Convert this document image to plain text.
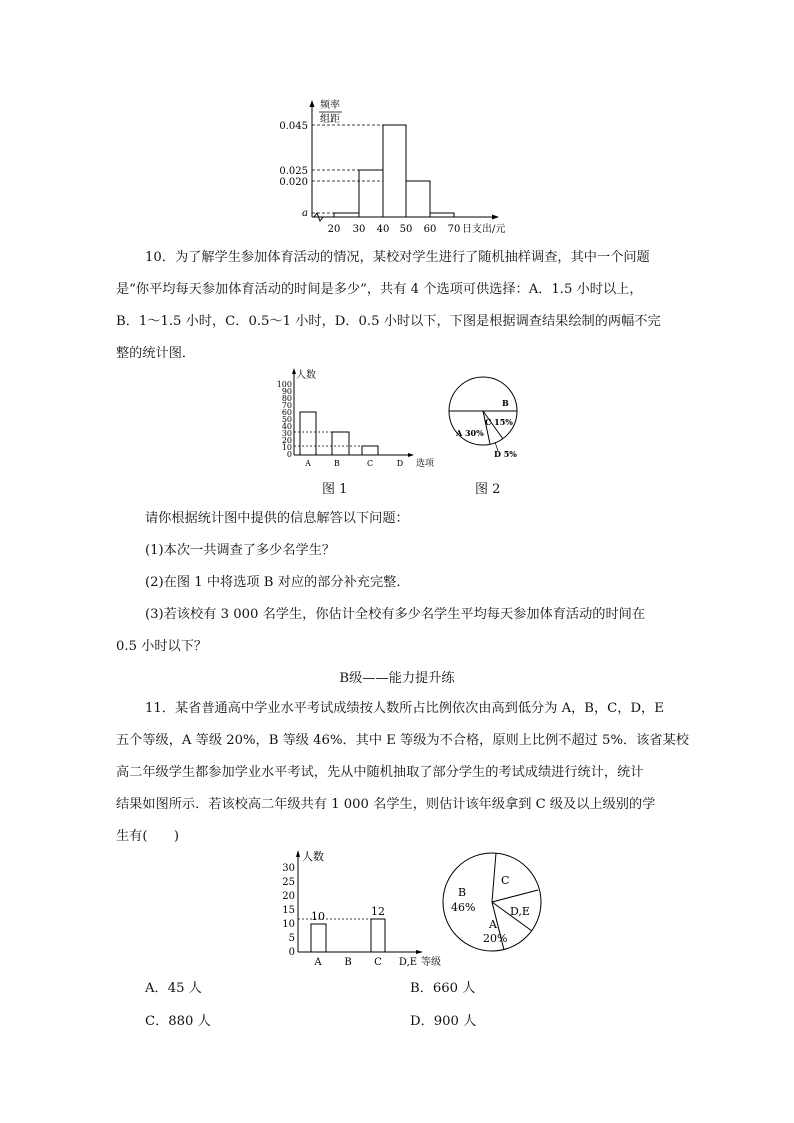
频率
组距
0.045
0.025
0.020
a
20 30 40 50 60 70 日支出/元
10．为了解学生参加体育活动的情况，某校对学生进行了随机抽样调查，其中一个问题
是“你平均每天参加体育活动的时间是多少”，共有 4 个选项可供选择：A．1.5 小时以上，
B．1～1.5 小时，C．0.5～1 小时，D．0.5 小时以下，下图是根据调查结果绘制的两幅不完
整的统计图．
人数
100
90
80
70
60
50
40
30
20
10
0
A	B	C	D 选项
B
C 15%
A 30%
D 5%
图 1	图 2
请你根据统计图中提供的信息解答以下问题：
(1)本次一共调查了多少名学生？
(2)在图 1 中将选项 B 对应的部分补充完整．
(3)若该校有 3 000 名学生，你估计全校有多少名学生平均每天参加体育活动的时间在
0.5 小时以下？
B级——能力提升练
11．某省普通高中学业水平考试成绩按人数所占比例依次由高到低分为 A，B，C，D，E
五个等级，A 等级 20%，B 等级 46%．其中 E 等级为不合格，原则上比例不超过 5%．该省某校
高二年级学生都参加学业水平考试，先从中随机抽取了部分学生的考试成绩进行统计，统计
结果如图所示．若该校高二年级共有 1 000 名学生，则估计该年级拿到 C 级及以上级别的学
生有(　　)
人数
30
25
20
15
10
5
0
10	12
A B C D,E 等级
B
46%
C
A
20%
D,E
A．45 人	B．660 人
C．880 人	D．900 人
